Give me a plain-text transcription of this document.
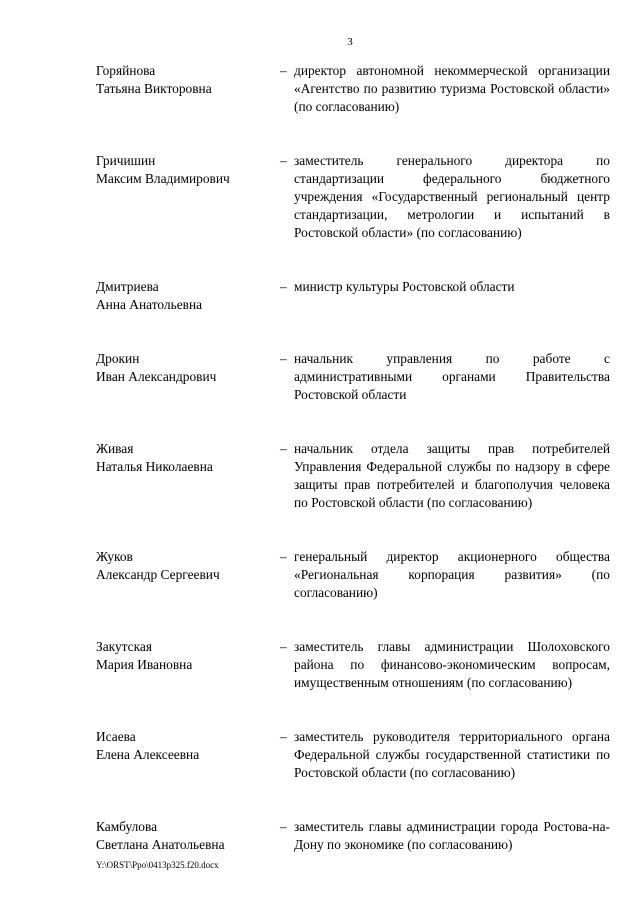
3
Горяйнова
Татьяна Викторовна
– директор автономной некоммерческой организации «Агентство по развитию туризма Ростовской области» (по согласованию)
Гричишин
Максим Владимирович
– заместитель генерального директора по стандартизации федерального бюджетного учреждения «Государственный региональный центр стандартизации, метрологии и испытаний в Ростовской области» (по согласованию)
Дмитриева
Анна Анатольевна
– министр культуры Ростовской области
Дрокин
Иван Александрович
– начальник управления по работе с административными органами Правительства Ростовской области
Живая
Наталья Николаевна
– начальник отдела защиты прав потребителей Управления Федеральной службы по надзору в сфере защиты прав потребителей и благополучия человека по Ростовской области (по согласованию)
Жуков
Александр Сергеевич
– генеральный директор акционерного общества «Региональная корпорация развития» (по согласованию)
Закутская
Мария Ивановна
– заместитель главы администрации Шолоховского района по финансово-экономическим вопросам, имущественным отношениям (по согласованию)
Исаева
Елена Алексеевна
– заместитель руководителя территориального органа Федеральной службы государственной статистики по Ростовской области (по согласованию)
Камбулова
Светлана Анатольевна
– заместитель главы администрации города Ростова-на-Дону по экономике (по согласованию)
Y:\ORST\Ppo\0413p325.f20.docx
